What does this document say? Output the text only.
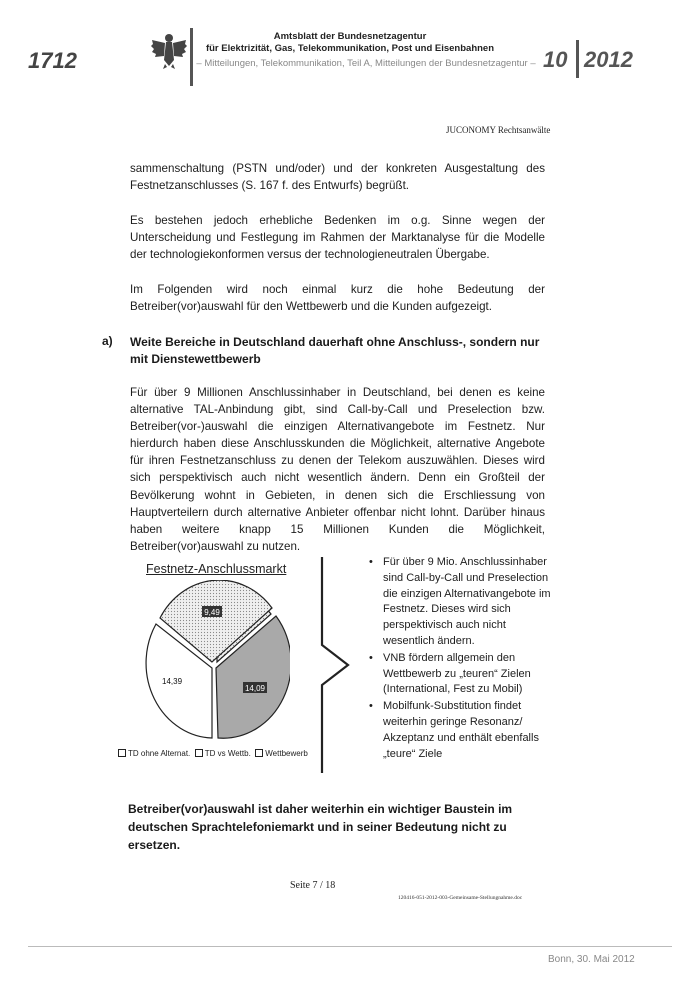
1712
Amtsblatt der Bundesnetzagentur
für Elektrizität, Gas, Telekommunikation, Post und Eisenbahnen
– Mitteilungen, Telekommunikation, Teil A, Mitteilungen der Bundesnetzagentur – 10 2012
JUCONOMY Rechtsanwälte
sammenschaltung (PSTN und/oder) und der konkreten Ausgestaltung des Festnetzanschlusses (S. 167 f. des Entwurfs) begrüßt.
Es bestehen jedoch erhebliche Bedenken im o.g. Sinne wegen der Unterscheidung und Festlegung im Rahmen der Marktanalyse für die Modelle der technologiekonformen versus der technologieneutralen Übergabe.
Im Folgenden wird noch einmal kurz die hohe Bedeutung der Betreiber(vor)auswahl für den Wettbewerb und die Kunden aufgezeigt.
a) Weite Bereiche in Deutschland dauerhaft ohne Anschluss-, sondern nur mit Dienstewettbewerb
Für über 9 Millionen Anschlussinhaber in Deutschland, bei denen es keine alternative TAL-Anbindung gibt, sind Call-by-Call und Preselection bzw. Betreiber(vor-)auswahl die einzigen Alternativangebote im Festnetz. Nur hierdurch haben diese Anschlusskunden die Möglichkeit, alternative Angebote für ihren Festnetzanschluss zu denen der Telekom auszuwählen. Dieses wird sich perspektivisch auch nicht wesentlich ändern. Denn ein Großteil der Bevölkerung wohnt in Gebieten, in denen sich die Erschliessung von Hauptverteilern durch alternative Anbieter offenbar nicht lohnt. Darüber hinaus haben weitere knapp 15 Millionen Kunden die Möglichkeit, Betreiber(vor)auswahl zu nutzen.
Festnetz-Anschlussmarkt
9,49
14,09
14,39
TD ohne Alternat. TD vs Wettb. Wettbewerb
• Für über 9 Mio. Anschlussinhaber sind Call-by-Call und Preselection die einzigen Alternativangebote im Festnetz. Dieses wird sich perspektivisch auch nicht wesentlich ändern.
• VNB fördern allgemein den Wettbewerb zu „teuren“ Zielen (International, Fest zu Mobil)
• Mobilfunk-Substitution findet weiterhin geringe Resonanz/ Akzeptanz und enthält ebenfalls „teure“ Ziele
Betreiber(vor)auswahl ist daher weiterhin ein wichtiger Baustein im deutschen Sprachtelefoniemarkt und in seiner Bedeutung nicht zu ersetzen.
Seite 7 / 18
120416-051-2012-003-Gemeinsame-Stellungnahme.doc
Bonn, 30. Mai 2012
